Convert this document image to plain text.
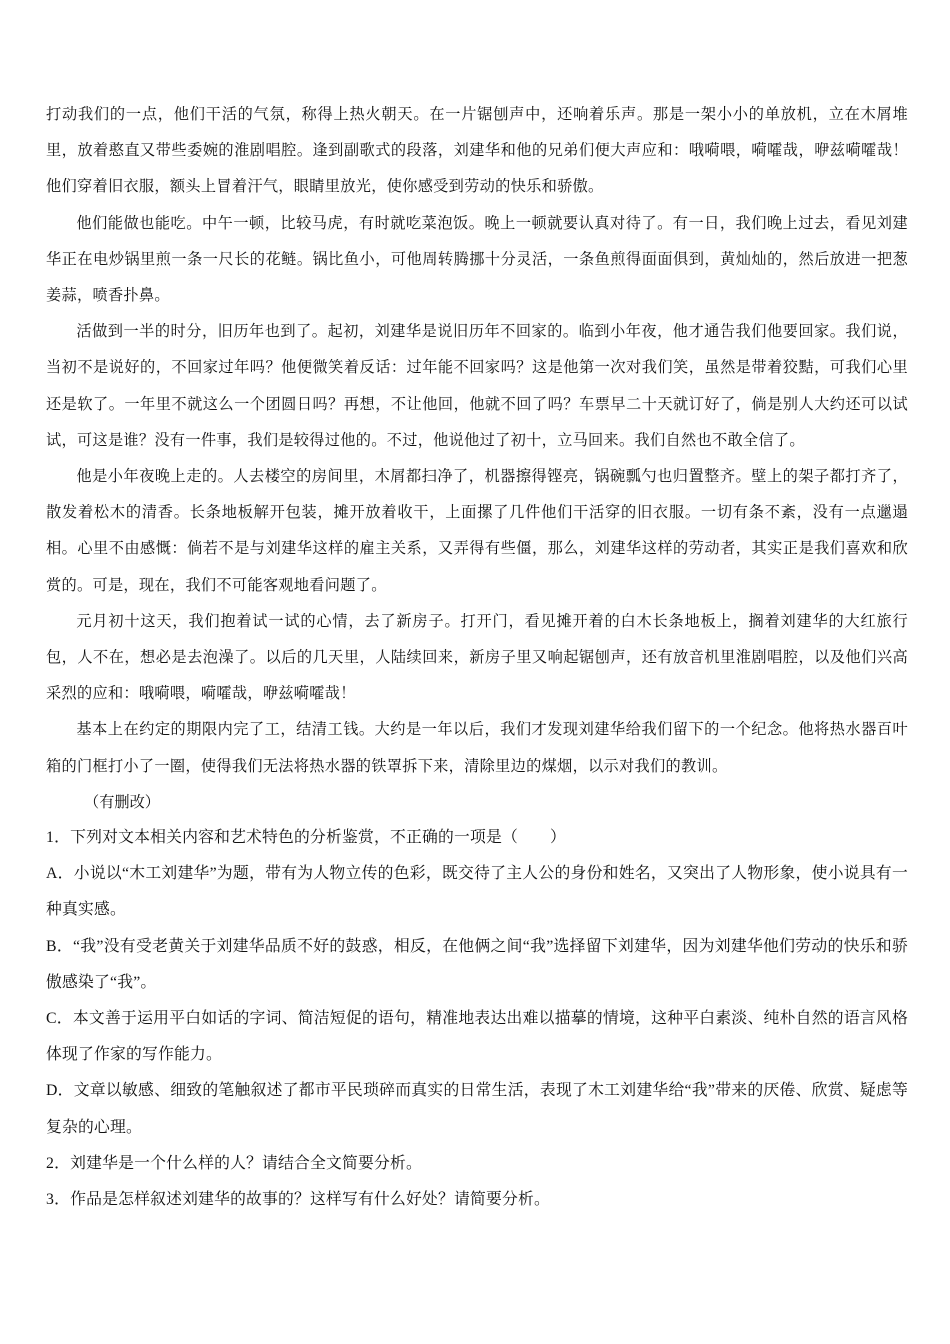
打动我们的一点，他们干活的气氛，称得上热火朝天。在一片锯刨声中，还响着乐声。那是一架小小的单放机，立在木屑堆里，放着憨直又带些委婉的淮剧唱腔。逢到副歌式的段落，刘建华和他的兄弟们便大声应和：哦嗬喂，嗬嚯哉，咿兹嗬嚯哉！他们穿着旧衣服，额头上冒着汗气，眼睛里放光，使你感受到劳动的快乐和骄傲。

他们能做也能吃。中午一顿，比较马虎，有时就吃菜泡饭。晚上一顿就要认真对待了。有一日，我们晚上过去，看见刘建华正在电炒锅里煎一条一尺长的花鲢。锅比鱼小，可他周转腾挪十分灵活，一条鱼煎得面面俱到，黄灿灿的，然后放进一把葱姜蒜，喷香扑鼻。

活做到一半的时分，旧历年也到了。起初，刘建华是说旧历年不回家的。临到小年夜，他才通告我们他要回家。我们说，当初不是说好的，不回家过年吗？他便微笑着反话：过年能不回家吗？这是他第一次对我们笑，虽然是带着狡黠，可我们心里还是软了。一年里不就这么一个团圆日吗？再想，不让他回，他就不回了吗？车票早二十天就订好了，倘是别人大约还可以试试，可这是谁？没有一件事，我们是较得过他的。不过，他说他过了初十，立马回来。我们自然也不敢全信了。

他是小年夜晚上走的。人去楼空的房间里，木屑都扫净了，机器擦得铿亮，锅碗瓢勺也归置整齐。壁上的架子都打齐了，散发着松木的清香。长条地板解开包装，摊开放着收干，上面摞了几件他们干活穿的旧衣服。一切有条不紊，没有一点邋遢相。心里不由感慨：倘若不是与刘建华这样的雇主关系，又弄得有些僵，那么，刘建华这样的劳动者，其实正是我们喜欢和欣赏的。可是，现在，我们不可能客观地看问题了。

元月初十这天，我们抱着试一试的心情，去了新房子。打开门，看见摊开着的白木长条地板上，搁着刘建华的大红旅行包，人不在，想必是去泡澡了。以后的几天里，人陆续回来，新房子里又响起锯刨声，还有放音机里淮剧唱腔，以及他们兴高采烈的应和：哦嗬喂，嗬嚯哉，咿兹嗬嚯哉！

基本上在约定的期限内完了工，结清工钱。大约是一年以后，我们才发现刘建华给我们留下的一个纪念。他将热水器百叶箱的门框打小了一圈，使得我们无法将热水器的铁罩拆下来，清除里边的煤烟，以示对我们的教训。

（有删改）

1．下列对文本相关内容和艺术特色的分析鉴赏，不正确的一项是（　　）

A．小说以“木工刘建华”为题，带有为人物立传的色彩，既交待了主人公的身份和姓名，又突出了人物形象，使小说具有一种真实感。

B．“我”没有受老黄关于刘建华品质不好的鼓惑，相反，在他俩之间“我”选择留下刘建华，因为刘建华他们劳动的快乐和骄傲感染了“我”。

C．本文善于运用平白如话的字词、简洁短促的语句，精准地表达出难以描摹的情境，这种平白素淡、纯朴自然的语言风格体现了作家的写作能力。

D．文章以敏感、细致的笔触叙述了都市平民琐碎而真实的日常生活，表现了木工刘建华给“我”带来的厌倦、欣赏、疑虑等复杂的心理。

2．刘建华是一个什么样的人？请结合全文简要分析。

3．作品是怎样叙述刘建华的故事的？这样写有什么好处？请简要分析。
